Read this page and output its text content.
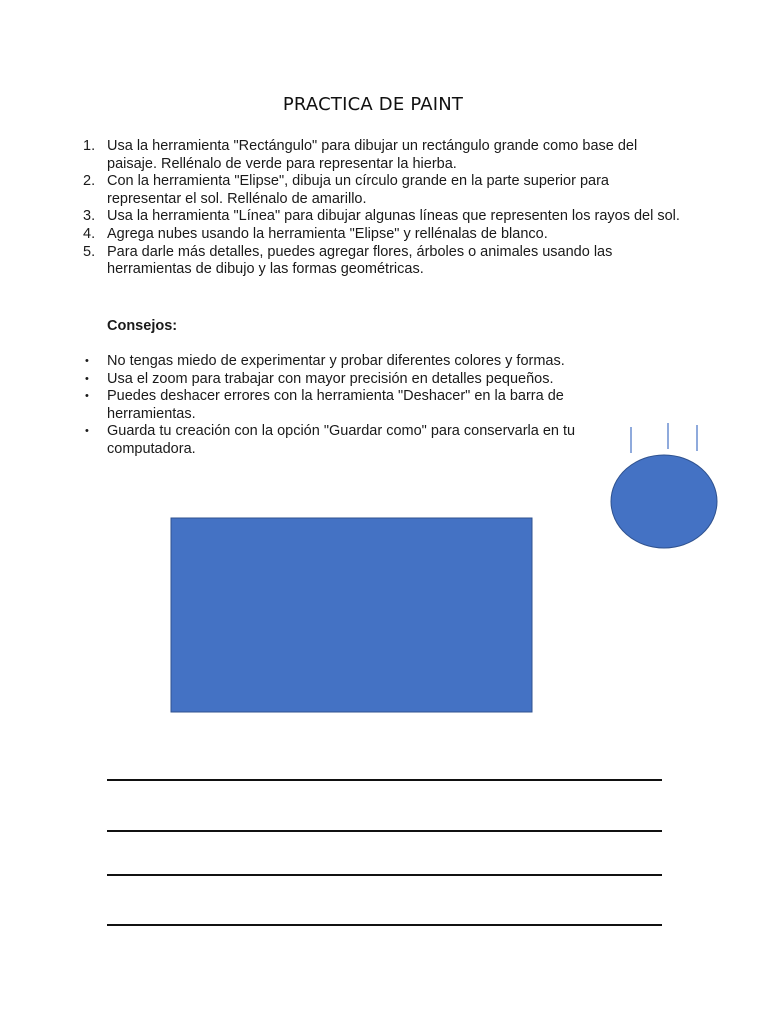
PRACTICA DE PAINT
1. Usa la herramienta "Rectángulo" para dibujar un rectángulo grande como base del paisaje. Rellénalo de verde para representar la hierba.
2. Con la herramienta "Elipse", dibuja un círculo grande en la parte superior para representar el sol. Rellénalo de amarillo.
3. Usa la herramienta "Línea" para dibujar algunas líneas que representen los rayos del sol.
4. Agrega nubes usando la herramienta "Elipse" y rellénalas de blanco.
5. Para darle más detalles, puedes agregar flores, árboles o animales usando las herramientas de dibujo y las formas geométricas.
Consejos:
• No tengas miedo de experimentar y probar diferentes colores y formas.
• Usa el zoom para trabajar con mayor precisión en detalles pequeños.
• Puedes deshacer errores con la herramienta "Deshacer" en la barra de herramientas.
• Guarda tu creación con la opción "Guardar como" para conservarla en tu computadora.
